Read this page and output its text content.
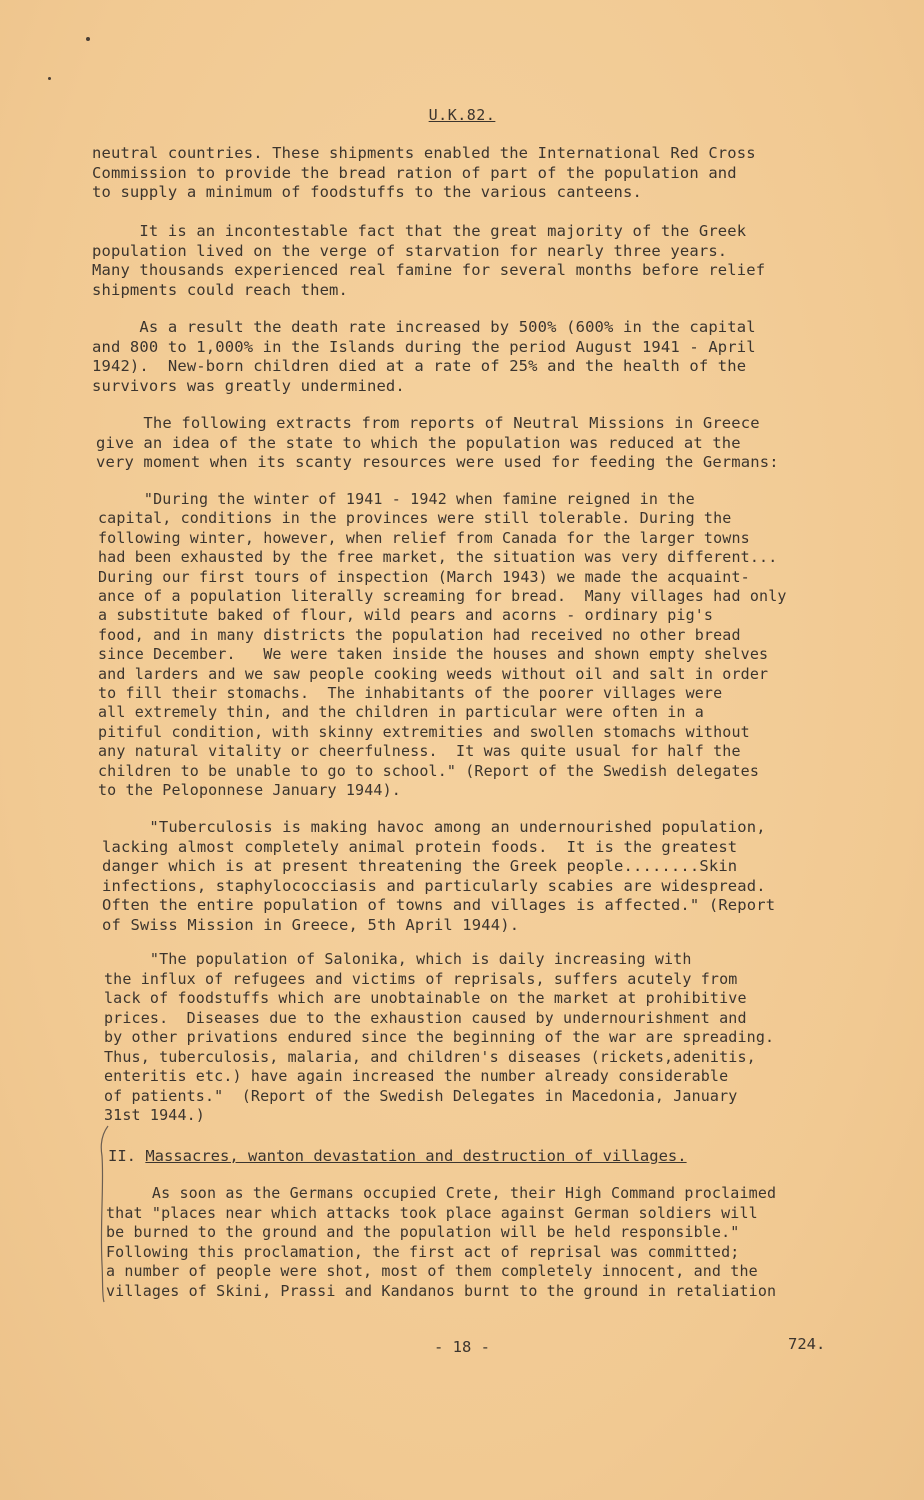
U.K.82.

neutral countries. These shipments enabled the International Red Cross
Commission to provide the bread ration of part of the population and
to supply a minimum of foodstuffs to the various canteens.

It is an incontestable fact that the great majority of the Greek
population lived on the verge of starvation for nearly three years.
Many thousands experienced real famine for several months before relief
shipments could reach them.

As a result the death rate increased by 500% (600% in the capital
and 800 to 1,000% in the Islands during the period August 1941 - April
1942).  New-born children died at a rate of 25% and the health of the
survivors was greatly undermined.

The following extracts from reports of Neutral Missions in Greece
give an idea of the state to which the population was reduced at the
very moment when its scanty resources were used for feeding the Germans:

"During the winter of 1941 - 1942 when famine reigned in the
capital, conditions in the provinces were still tolerable. During the
following winter, however, when relief from Canada for the larger towns
had been exhausted by the free market, the situation was very different...
During our first tours of inspection (March 1943) we made the acquaint-
ance of a population literally screaming for bread.  Many villages had only
a substitute baked of flour, wild pears and acorns - ordinary pig's
food, and in many districts the population had received no other bread
since December.   We were taken inside the houses and shown empty shelves
and larders and we saw people cooking weeds without oil and salt in order
to fill their stomachs.  The inhabitants of the poorer villages were
all extremely thin, and the children in particular were often in a
pitiful condition, with skinny extremities and swollen stomachs without
any natural vitality or cheerfulness.  It was quite usual for half the
children to be unable to go to school." (Report of the Swedish delegates
to the Peloponnese January 1944).

"Tuberculosis is making havoc among an undernourished population,
lacking almost completely animal protein foods.  It is the greatest
danger which is at present threatening the Greek people........Skin
infections, staphylococciasis and particularly scabies are widespread.
Often the entire population of towns and villages is affected." (Report
of Swiss Mission in Greece, 5th April 1944).

"The population of Salonika, which is daily increasing with
the influx of refugees and victims of reprisals, suffers acutely from
lack of foodstuffs which are unobtainable on the market at prohibitive
prices.  Diseases due to the exhaustion caused by undernourishment and
by other privations endured since the beginning of the war are spreading.
Thus, tuberculosis, malaria, and children's diseases (rickets,adenitis,
enteritis etc.) have again increased the number already considerable
of patients."  (Report of the Swedish Delegates in Macedonia, January
31st 1944.)

II. Massacres, wanton devastation and destruction of villages.

As soon as the Germans occupied Crete, their High Command proclaimed
that "places near which attacks took place against German soldiers will
be burned to the ground and the population will be held responsible."
Following this proclamation, the first act of reprisal was committed;
a number of people were shot, most of them completely innocent, and the
villages of Skini, Prassi and Kandanos burnt to the ground in retaliation

- 18 -	724.
